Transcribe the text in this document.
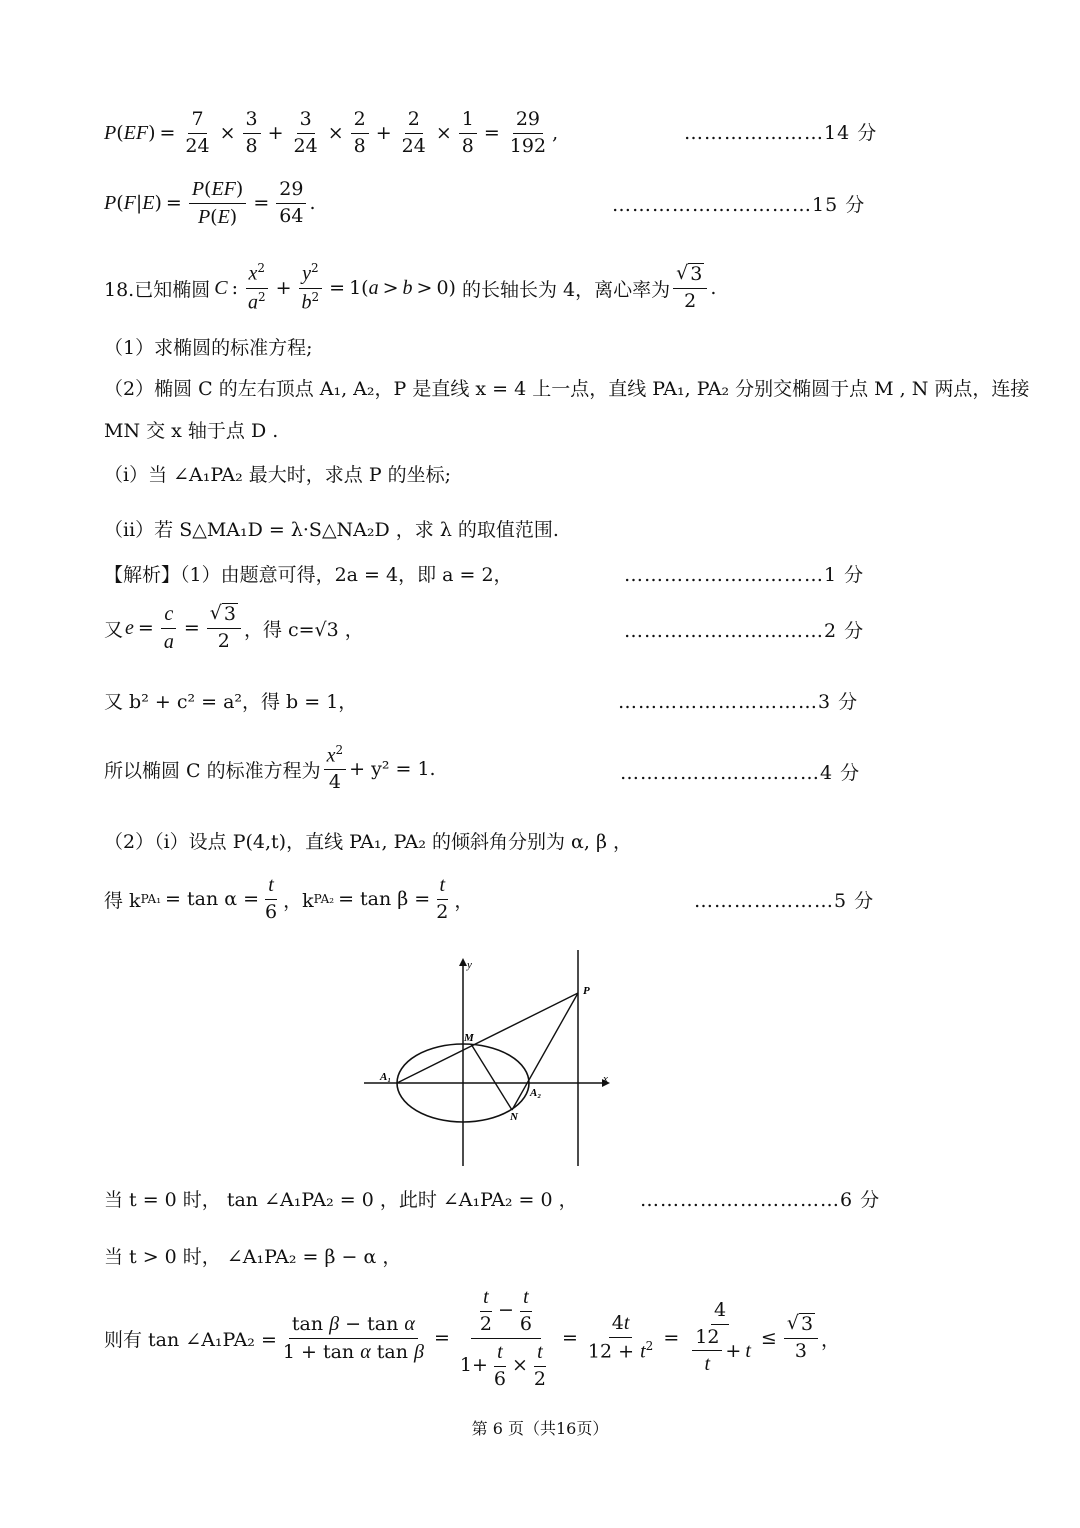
P ( EF ) = $\frac{7}{24} \times \frac{3}{8} + \frac{3}{24} \times \frac{2}{8} + \frac{2}{24} \times \frac{1}{8} = \frac{29}{192}$ ,	…………………14 分
P ( F | E ) = $\frac{P(EF)}{P(E)} = \frac{29}{64}$ .	…………………………15 分
18.已知椭圆 C : $\frac{x^2}{a^2} + \frac{y^2}{b^2} = 1$( a > b > 0) 的长轴长为 4，离心率为 $\frac{√ 3}{2}$ .
（1）求椭圆的标准方程;
（2）椭圆 C 的左右顶点 A₁, A₂，P 是直线 x = 4 上一点，直线 PA₁, PA₂ 分别交椭圆于点 M , N 两点，连接
MN 交 x 轴于点 D .
（ⅰ）当 ∠A₁PA₂ 最大时，求点 P 的坐标;
（ⅱ）若 S△MA₁D = λ·S△NA₂D ，求 λ 的取值范围.
【解析】（1）由题意可得，2a = 4，即 a = 2，	…………………………1 分
又 $e = \frac{c}{a} = \frac{√ 3}{2}$ ，得 c=√3 ，	…………………………2 分
又 b² + c² = a²，得 b = 1，	…………………………3 分
所以椭圆 C 的标准方程为 $\frac{x^2}{4} + y^2 = 1$.	…………………………4 分
（2）（ⅰ）设点 P(4,t)，直线 PA₁, PA₂ 的倾斜角分别为 α, β ，
得 k $PA_1 = \tan \alpha = \frac{t}{6}$ ，k $PA_2 = \tan \beta = \frac{t}{2}$ ，	…………………5 分
y
x
P
M
N
A₁
A₂
当 t = 0 时， tan ∠A₁PA₂ = 0 ，此时 ∠A₁PA₂ = 0 ，	…………………………6 分
当 t > 0 时， ∠A₁PA₂ = β − α ，
则有 tan ∠A₁PA₂ = $\frac{\text{tan β − tan α}}{\text{1 + tan α tan β}} = \frac{\frac{t}{2} - \frac{t}{6}}{1+ \frac{t}{6} \times \frac{t}{2}} = \frac{4t}{12 + t^2} = \frac{4}{\frac{12}{t} + t} \le \frac{√ 3}{3}$ ，
第 6 页（共16页）
